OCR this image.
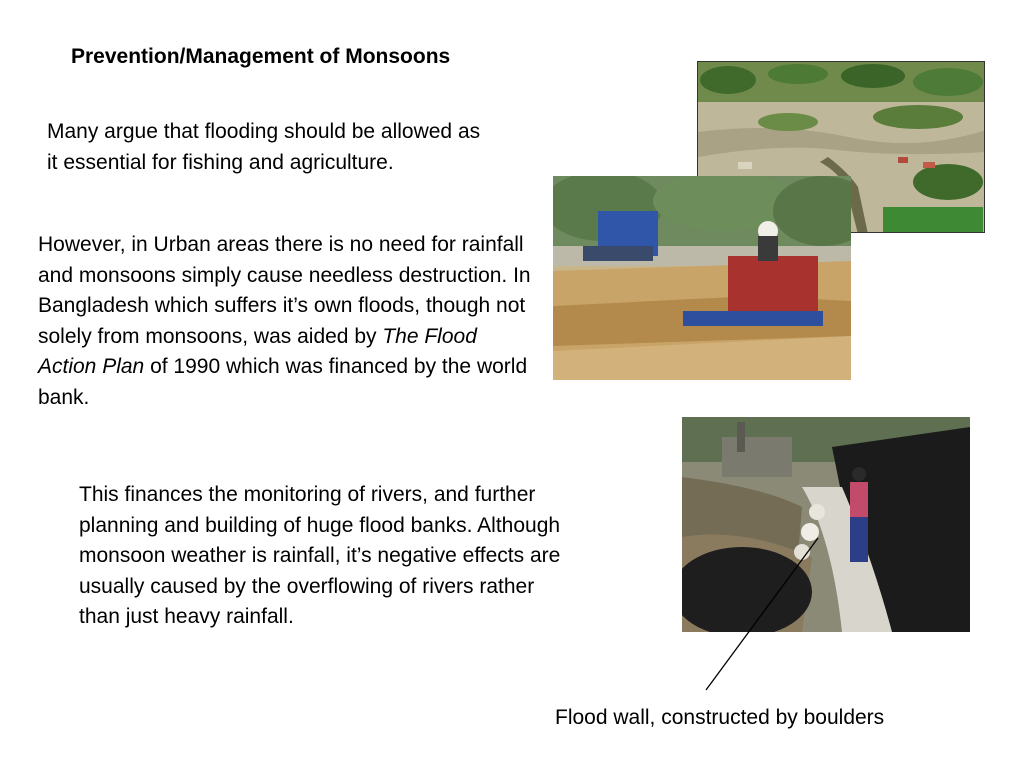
Prevention/Management of Monsoons
Many argue that flooding should be allowed as it essential for fishing and agriculture.
However, in Urban areas there is no need for rainfall and monsoons simply cause needless destruction. In Bangladesh which suffers it’s own floods, though not solely from monsoons, was aided by The Flood Action Plan of 1990 which was financed by the world bank.
This finances the monitoring of rivers, and further planning and building of huge flood banks. Although monsoon weather is rainfall, it’s negative effects are usually caused by the overflowing of rivers rather than just heavy rainfall.
Flood wall, constructed by boulders
